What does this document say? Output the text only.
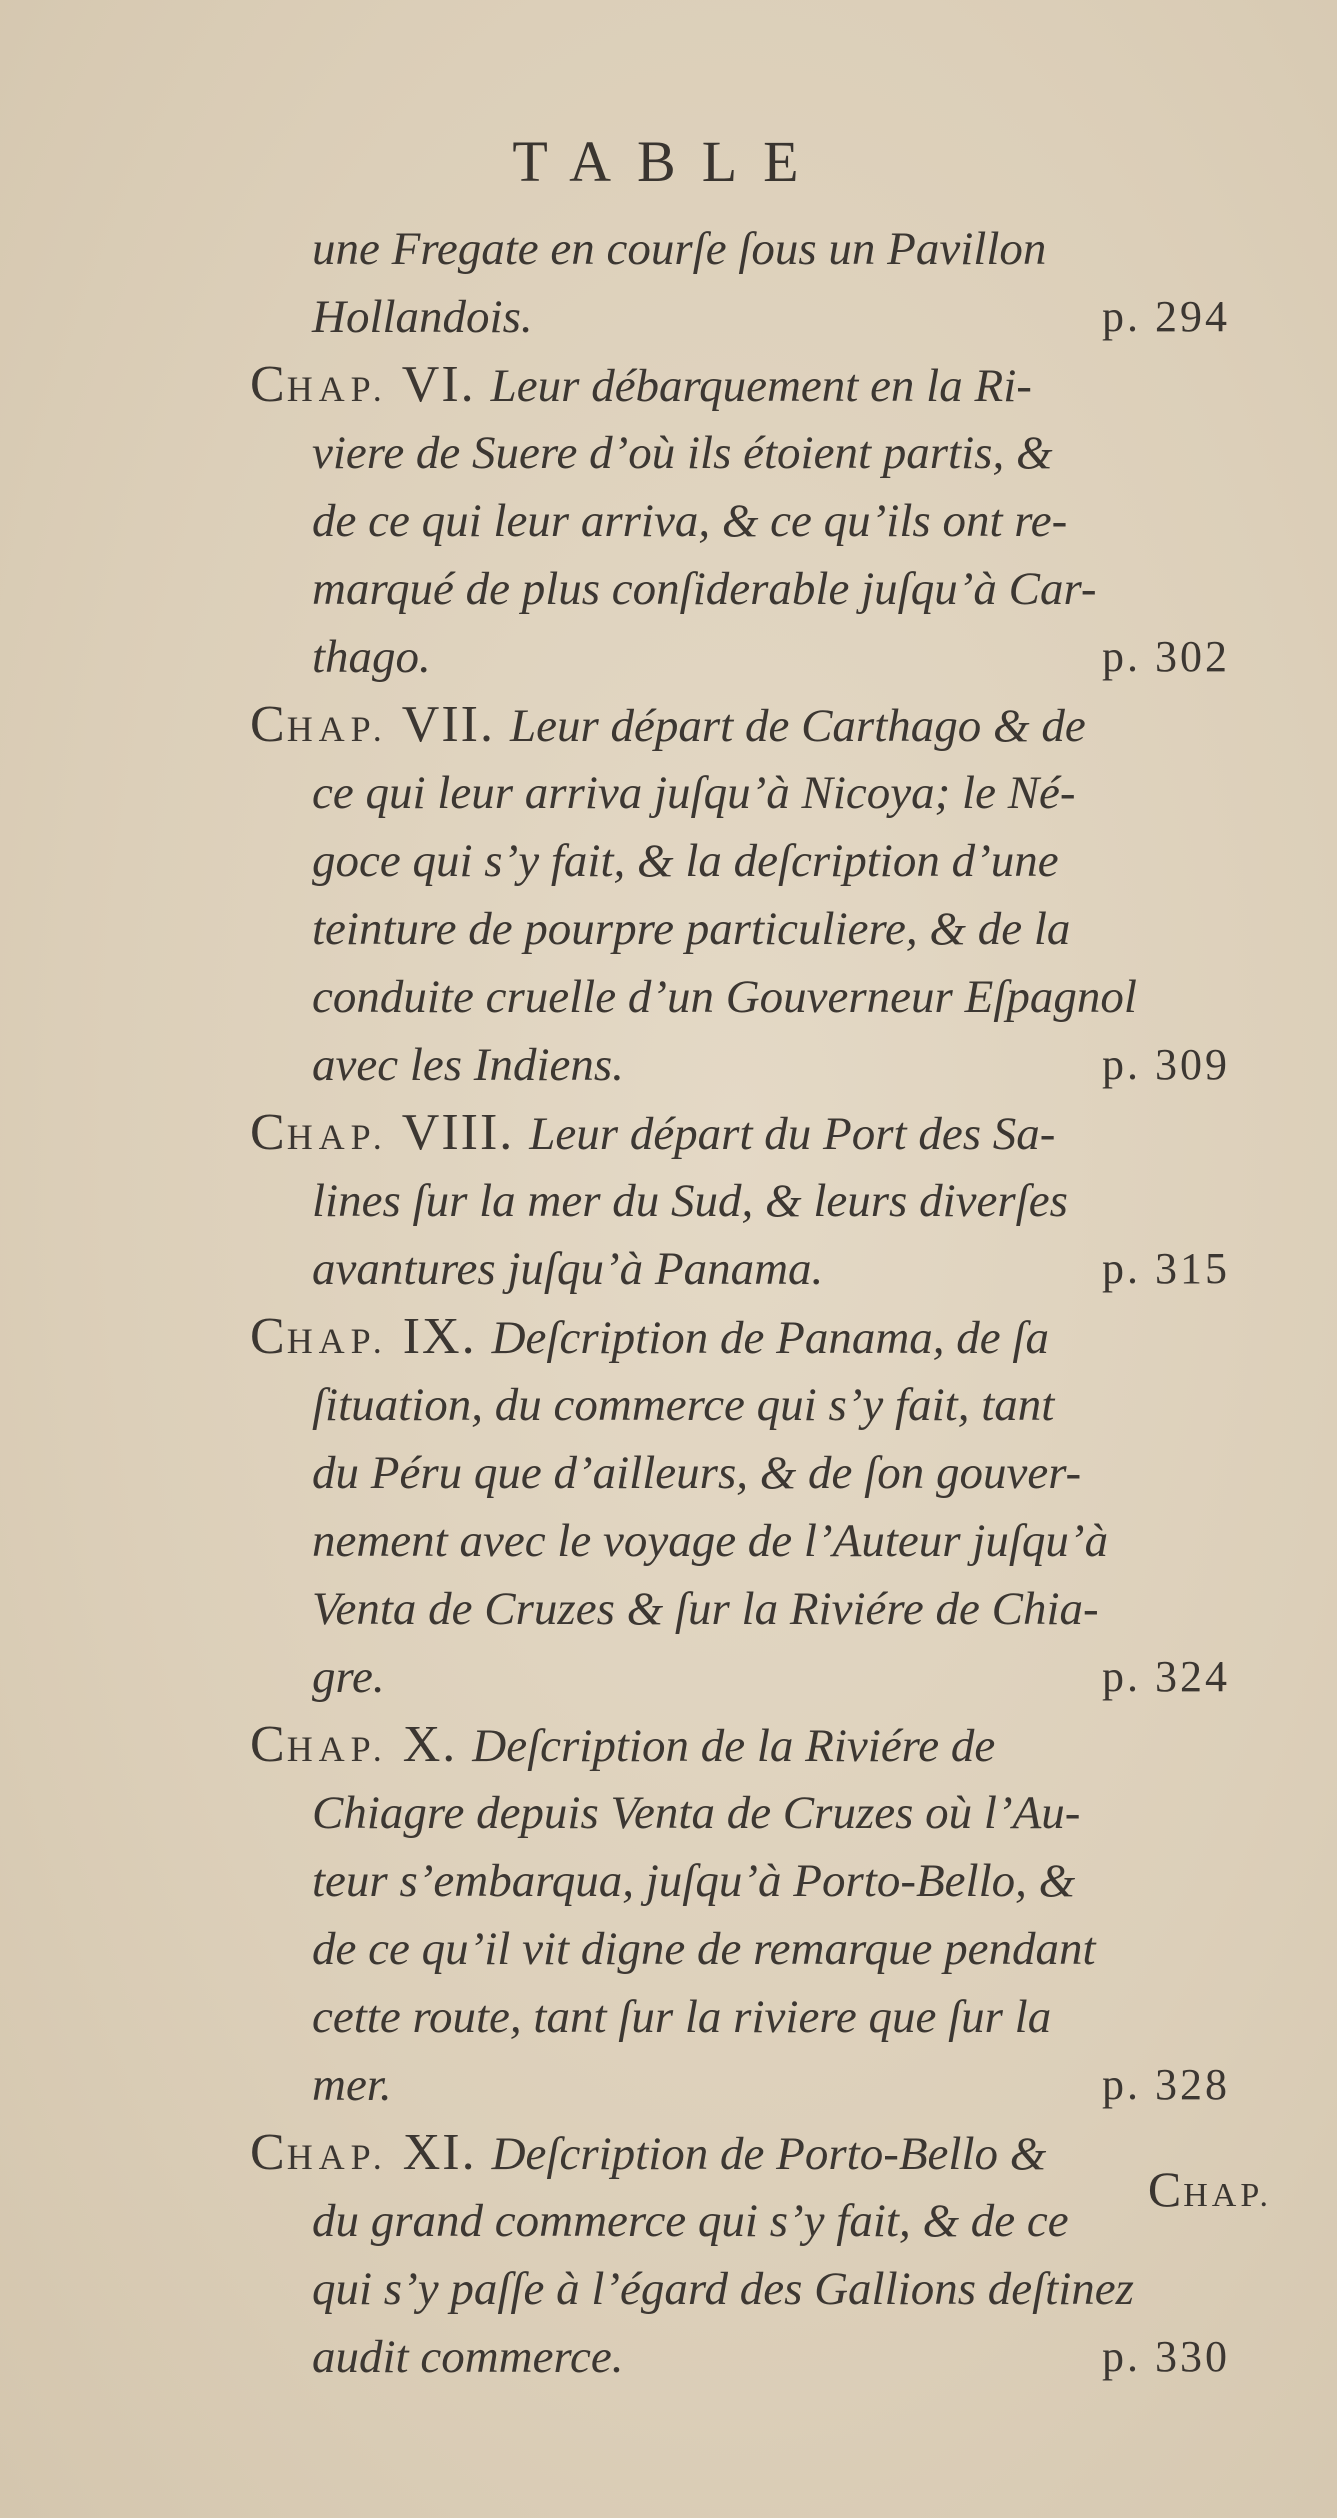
TABLE
une Fregate en courſe ſous un Pavillon
Hollandois.	p. 294
CHAP. VI. Leur débarquement en la Ri-
viere de Suere d’où ils étoient partis, &
de ce qui leur arriva, & ce qu’ils ont re-
marqué de plus conſiderable juſqu’à Car-
thago.	p. 302
CHAP. VII. Leur départ de Carthago & de
ce qui leur arriva juſqu’à Nicoya; le Né-
goce qui s’y fait, & la deſcription d’une
teinture de pourpre particuliere, & de la
conduite cruelle d’un Gouverneur Eſpagnol
avec les Indiens.	p. 309
CHAP. VIII. Leur départ du Port des Sa-
lines ſur la mer du Sud, & leurs diverſes
avantures juſqu’à Panama.	p. 315
CHAP. IX. Deſcription de Panama, de ſa
ſituation, du commerce qui s’y fait, tant
du Péru que d’ailleurs, & de ſon gouver-
nement avec le voyage de l’Auteur juſqu’à
Venta de Cruzes & ſur la Riviére de Chia-
gre.	p. 324
CHAP. X. Deſcription de la Riviére de
Chiagre depuis Venta de Cruzes où l’Au-
teur s’embarqua, juſqu’à Porto-Bello, &
de ce qu’il vit digne de remarque pendant
cette route, tant ſur la riviere que ſur la
mer.	p. 328
CHAP. XI. Deſcription de Porto-Bello &
du grand commerce qui s’y fait, & de ce
qui s’y paſſe à l’égard des Gallions deſtinez
audit commerce.	p. 330
CHAP.
